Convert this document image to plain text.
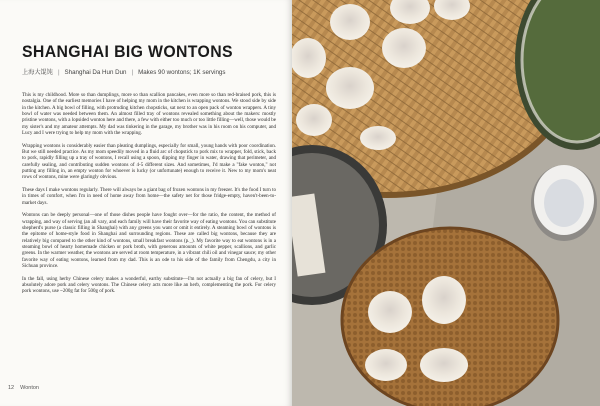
SHANGHAI BIG WONTONS
上海大馄饨 | Shanghai Da Hun Dun | Makes 90 wontons; 1K servings

This is my childhood. More so than dumplings, more so than scallion pancakes, even more so than red-braised pork, this is nostalgia. One of the earliest memories I have of helping my mom in the kitchen is wrapping wontons. We stood side by side in the kitchen. A big bowl of filling, with protruding kitchen chopsticks, sat next to an open pack of wonton wrappers. A tiny bowl of water was needed between them. An almost filled tray of wontons revealed something about the makers: mostly pristine wontons, with a lopsided wonton here and there, a few with either too much or too little filling—well, those would be my sister's and my amateur attempts. My dad was tinkering in the garage, my brother was in his room on his computer, and Lucy and I were trying to help my mom with the wrapping.

Wrapping wontons is considerably easier than pleating dumplings, especially for small, young hands with poor coordination. But we still needed practice. As my mom speedily moved in a fluid arc of chopstick to pork mix to wrapper, fold, stick, back to pork, rapidly filling up a tray of wontons, I recall using a spoon, dipping my finger in water, drawing that perimeter, and carefully sealing, and contributing sudden wontons of 4-5 different sizes. And sometimes, I'd make a "fake wonton," not putting any filling in, an empty wonton for whoever is lucky (or unfortunate) enough to receive it. New to my mom's neat rows of wontons, mine were glaringly obvious.

These days I make wontons regularly. There will always be a giant bag of frozen wontons in my freezer. It's the food I turn to in times of comfort, when I'm in need of home away from home—the safety net for those fridge-empty, haven't-been-to-market days.

Wontons can be deeply personal—one of those dishes people have fought over—for the ratio, the content, the method of wrapping, and way of serving (an all vary, and each family will have their favorite way of eating wontons. You can substitute shepherd's purse (a classic filling in Shanghai) with any greens you want or omit it entirely. A steaming bowl of wontons is the epitome of home-style food in Shanghai and surrounding regions. These are called big wontons, because they are relatively big compared to the other kind of wontons, small breakfast wontons (p._). My favorite way to eat wontons is in a steaming bowl of hearty homemade chicken or pork broth, with generous amounts of white pepper, scallions, and garlic greens. In the warmer weather, the wontons are served at room temperature, in a vibrant chili oil and vinegar sauce; my other favorite way of eating wontons, learned from my dad. This is an ode to his side of the family from Chengdu, a city in Sichuan province.

In the fall, using herby Chinese celery makes a wonderful, earthy substitute—I'm not actually a big fan of celery, but I absolutely adore pork and celery wontons. The Chinese celery acts more like an herb, complementing the pork. For celery pork wontons, use ~200g fat for 500g of pork.

12 Wonton
